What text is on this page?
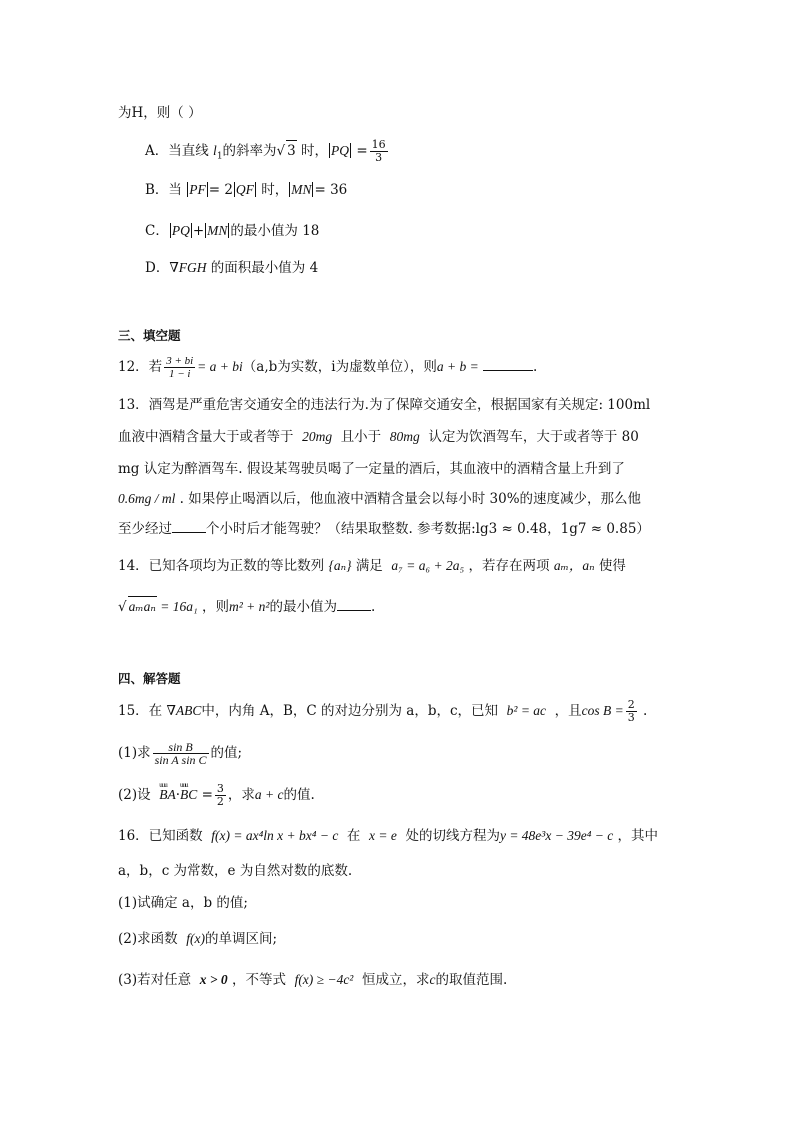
为H，则（ ）
A．当直线 $l_1$的斜率为√ 3 时， PQ = $\frac{16}{3}$
B．当 PF = 2 QF 时， MN = 36
C． PQ + MN 的最小值为 18
D．∇FGH 的面积最小值为 4
三、填空题
12．若 $\frac{3 + bi}{1 - i} = a + bi(a,b$为实数，i为虚数单位），则a + b =	.
13．酒驾是严重危害交通安全的违法行为.为了保障交通安全，根据国家有关规定: 100ml
血液中酒精含量大于或者等于 20mg 且小于 80mg 认定为饮酒驾车，大于或者等于 80
mg 认定为醉酒驾车. 假设某驾驶员喝了一定量的酒后，其血液中的酒精含量上升到了
0.6mg / ml . 如果停止喝酒以后，他血液中酒精含量会以每小时 30%的速度减少，那么他
至少经过	个小时后才能驾驶？（结果取整数. 参考数据:lg3 ≈ 0.48，1g7 ≈ 0.85）
14．已知各项均为正数的等比数列 {aₙ} 满足 a₇ = a₆ + 2a₅ ，若存在两项 aₘ，aₙ 使得
√ aₘaₙ = 16a₁ ，则m² + n²的最小值为	.
四、解答题
15．在 ∇ABC中，内角 A，B，C 的对边分别为 a，b，c，已知 b² = ac ，且$\cos B = \frac{2}{3}$ .
(1)求 $\frac{\text{sin B}}{\text{sin A sin C}}$ 的值;
(2)设  uuu BA·uuu BC = $\frac{3}{2}$ ，求a + c的值.
16．已知函数 f(x) = ax⁴ln x + bx⁴ − c 在 x = e 处的切线方程为y = 48e³x − 39e⁴ − c ，其中
a，b，c 为常数，e 为自然对数的底数.
(1)试确定 a，b 的值;
(2)求函数 f(x)的单调区间;
(3)若对任意 x > 0 ，不等式 f(x) ≥ −4c² 恒成立，求c的取值范围.
